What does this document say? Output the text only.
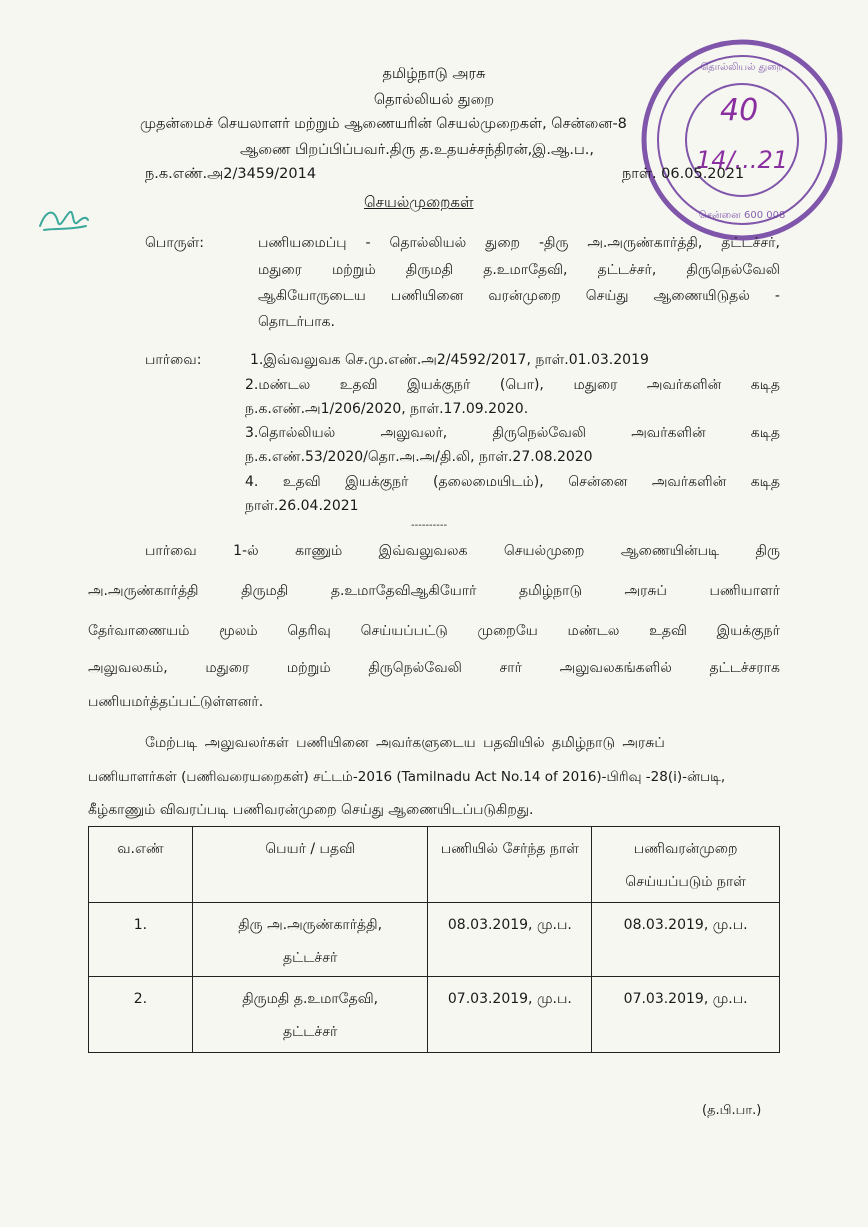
தொல்லியல் துறை
சென்னை 600 008
40
14/...21
தமிழ்நாடு அரசு
தொல்லியல் துறை
முதன்மைச் செயலாளர் மற்றும் ஆணையரின் செயல்முறைகள், சென்னை-8
ஆணை பிறப்பிப்பவர்.திரு த.உதயச்சந்திரன்,இ.ஆ.ப.,
ந.க.எண்.அ2/3459/2014	நாள். 06.05.2021
செயல்முறைகள்
பொருள்:	பணியமைப்பு - தொல்லியல் துறை -திரு அ.அருண்கார்த்தி, தட்டச்சர்,
மதுரை மற்றும் திருமதி த.உமாதேவி, தட்டச்சர், திருநெல்வேலி
ஆகியோருடைய பணியினை வரன்முறை செய்து ஆணையிடுதல் -
தொடர்பாக.
பார்வை:	1.இவ்வலுவக செ.மு.எண்.அ2/4592/2017, நாள்.01.03.2019
2.மண்டல உதவி இயக்குநர் (பொ), மதுரை அவர்களின் கடித
ந.க.எண்.அ1/206/2020, நாள்.17.09.2020.
3.தொல்லியல்	அலுவலர்,	திருநெல்வேலி	அவர்களின்	கடித
ந.க.எண்.53/2020/தொ.அ.அ/தி.லி, நாள்.27.08.2020
4. உதவி இயக்குநர் (தலைமையிடம்), சென்னை அவர்களின் கடித
நாள்.26.04.2021
----------
பார்வை	1-ல்	காணும்	இவ்வலுவலக	செயல்முறை	ஆணையின்படி	திரு
அ.அருண்கார்த்தி	திருமதி	த.உமாதேவிஆகியோர்	தமிழ்நாடு	அரசுப்	பணியாளர்
தேர்வாணையம் மூலம் தெரிவு செய்யப்பட்டு முறையே மண்டல உதவி இயக்குநர்
அலுவலகம்,	மதுரை	மற்றும்	திருநெல்வேலி	சார்	அலுவலகங்களில்	தட்டச்சராக
பணியமர்த்தப்பட்டுள்ளனர்.
மேற்படி அலுவலர்கள் பணியினை அவர்களுடைய பதவியில் தமிழ்நாடு அரசுப்
பணியாளர்கள் (பணிவரையறைகள்) சட்டம்-2016 (Tamilnadu Act No.14 of 2016)-பிரிவு -28(i)-ன்படி,
கீழ்காணும் விவரப்படி பணிவரன்முறை செய்து ஆணையிடப்படுகிறது.
வ.எண்	பெயர் / பதவி	பணியில் சேர்ந்த நாள்	பணிவரன்முறை
செய்யப்படும் நாள்

1.	திரு அ.அருண்கார்த்தி,
தட்டச்சர்	08.03.2019, மு.ப.	08.03.2019, மு.ப.
2.	திருமதி த.உமாதேவி,
தட்டச்சர்	07.03.2019, மு.ப.	07.03.2019, மு.ப.
(த.பி.பா.)
